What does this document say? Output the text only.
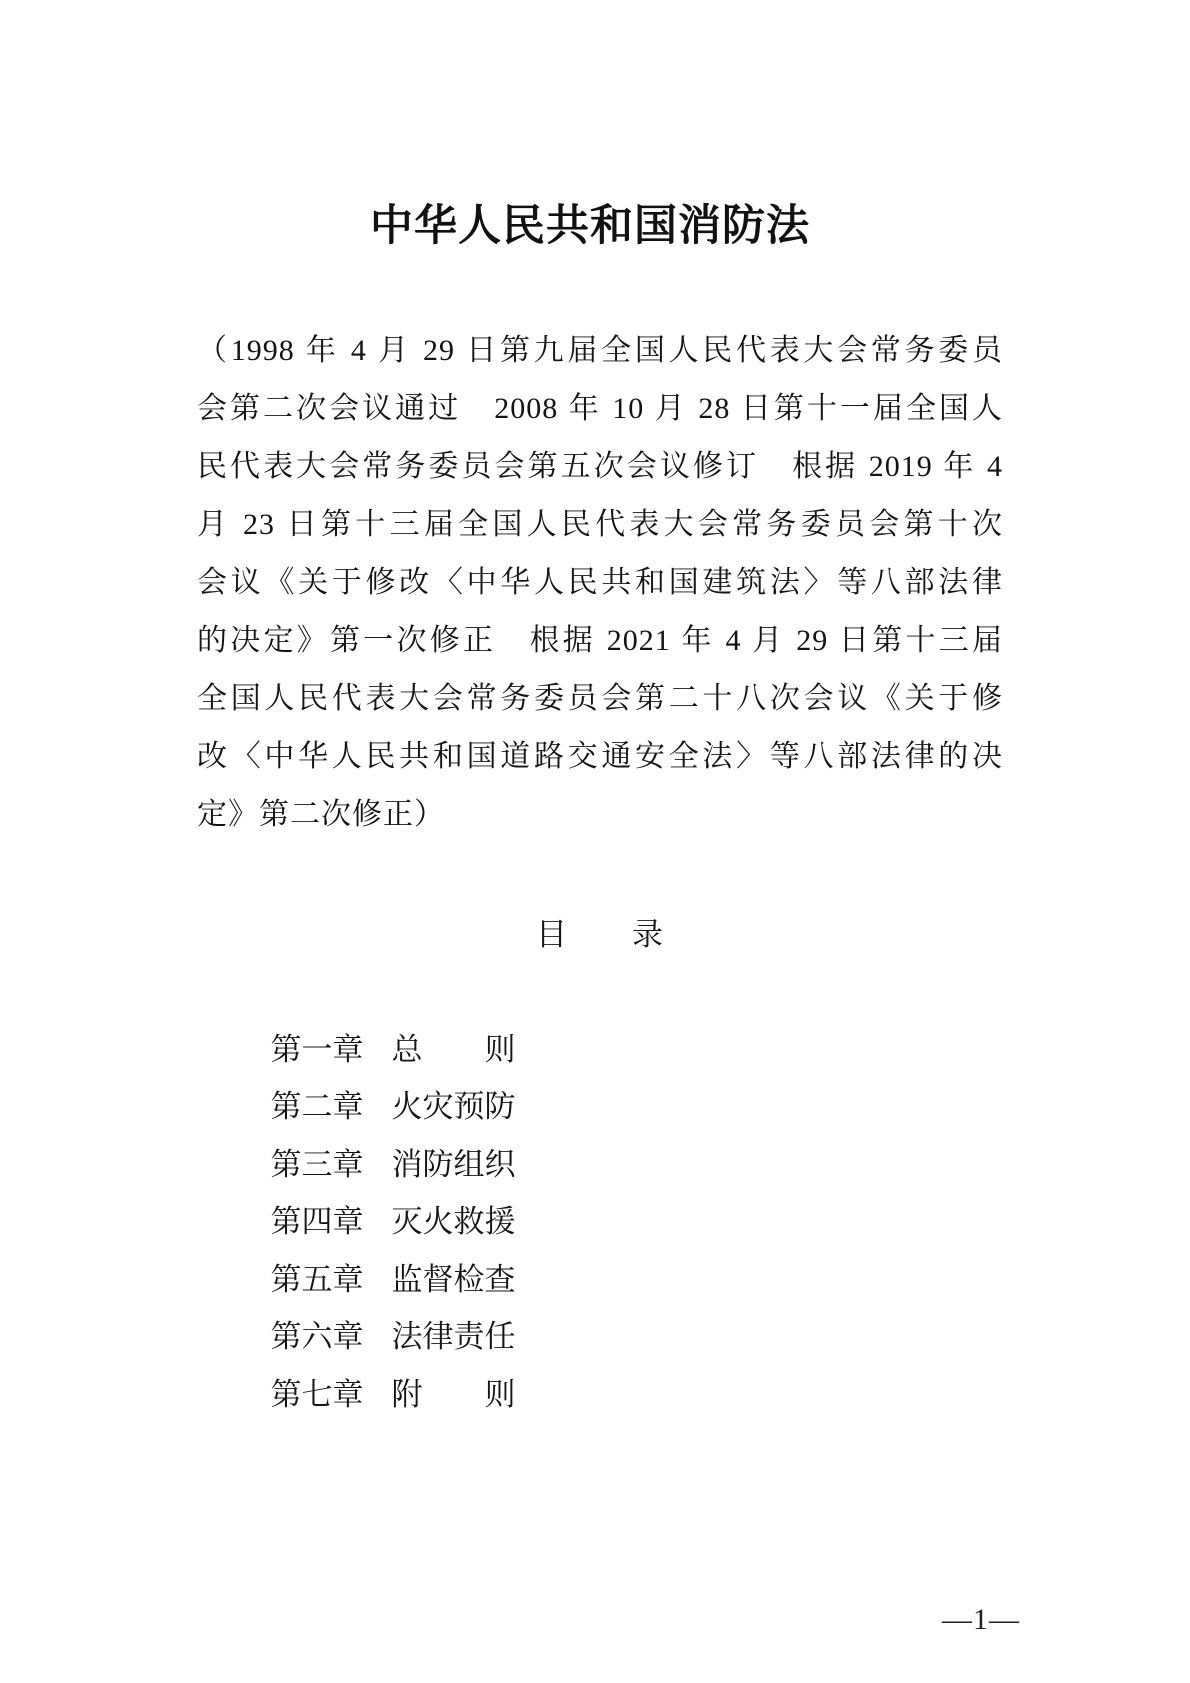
中华人民共和国消防法
（1998 年 4 月 29 日第九届全国人民代表大会常务委员
会第二次会议通过　2008 年 10 月 28 日第十一届全国人
民代表大会常务委员会第五次会议修订　根据 2019 年 4
月 23 日第十三届全国人民代表大会常务委员会第十次
会议《关于修改〈中华人民共和国建筑法〉等八部法律
的决定》第一次修正　根据 2021 年 4 月 29 日第十三届
全国人民代表大会常务委员会第二十八次会议《关于修
改〈中华人民共和国道路交通安全法〉等八部法律的决
定》第二次修正）
目　　录

第一章 总　　则

第二章 火灾预防

第三章 消防组织

第四章 灭火救援

第五章 监督检查

第六章 法律责任

第七章 附　　则

—1—
